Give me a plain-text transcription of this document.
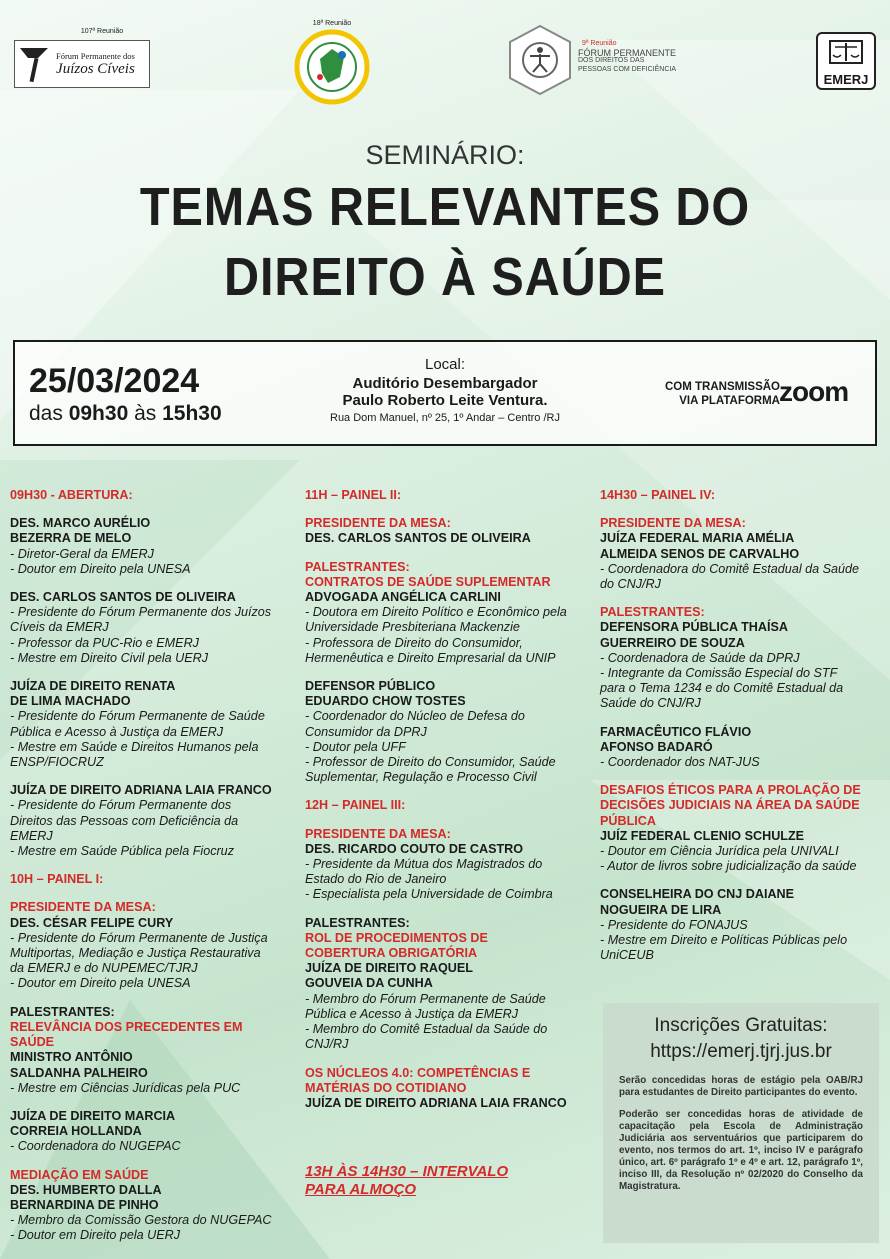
107ª Reunião
Fórum Permanente dos
Juízos Cíveis
18ª Reunião
9ª Reunião
FÓRUM PERMANENTE
DOS DIREITOS DAS
PESSOAS COM DEFICIÊNCIA
EMERJ
SEMINÁRIO:
TEMAS RELEVANTES DO
DIREITO À SAÚDE
25/03/2024
das 09h30 às 15h30
Local:
Auditório Desembargador
Paulo Roberto Leite Ventura.
Rua Dom Manuel, nº 25, 1º Andar – Centro /RJ
COM TRANSMISSÃO
VIA PLATAFORMA zoom
09H30 - ABERTURA:
DES. MARCO AURÉLIO
BEZERRA DE MELO
- Diretor-Geral da EMERJ
- Doutor em Direito pela UNESA
DES. CARLOS SANTOS DE OLIVEIRA
- Presidente do Fórum Permanente dos Juízos
Cíveis da EMERJ
- Professor da PUC-Rio e EMERJ
- Mestre em Direito Civil pela UERJ
JUÍZA DE DIREITO RENATA
DE LIMA MACHADO
- Presidente do Fórum Permanente de Saúde
Pública e Acesso à Justiça da EMERJ
- Mestre em Saúde e Direitos Humanos pela
ENSP/FIOCRUZ
JUÍZA DE DIREITO ADRIANA LAIA FRANCO
- Presidente do Fórum Permanente dos
Direitos das Pessoas com Deficiência da
EMERJ
- Mestre em Saúde Pública pela Fiocruz
10H – PAINEL I:
PRESIDENTE DA MESA:
DES. CÉSAR FELIPE CURY
- Presidente do Fórum Permanente de Justiça
Multiportas, Mediação e Justiça Restaurativa
da EMERJ e do NUPEMEC/TJRJ
- Doutor em Direito pela UNESA
PALESTRANTES:
RELEVÂNCIA DOS PRECEDENTES EM
SAÚDE
MINISTRO ANTÔNIO
SALDANHA PALHEIRO
- Mestre em Ciências Jurídicas pela PUC
JUÍZA DE DIREITO MARCIA
CORREIA HOLLANDA
- Coordenadora do NUGEPAC
MEDIAÇÃO EM SAÚDE
DES. HUMBERTO DALLA
BERNARDINA DE PINHO
- Membro da Comissão Gestora do NUGEPAC
- Doutor em Direito pela UERJ
11H – PAINEL II:
PRESIDENTE DA MESA:
DES. CARLOS SANTOS DE OLIVEIRA
PALESTRANTES:
CONTRATOS DE SAÚDE SUPLEMENTAR
ADVOGADA ANGÉLICA CARLINI
- Doutora em Direito Político e Econômico pela
Universidade Presbiteriana Mackenzie
- Professora de Direito do Consumidor,
Hermenêutica e Direito Empresarial da UNIP
DEFENSOR PÚBLICO
EDUARDO CHOW TOSTES
- Coordenador do Núcleo de Defesa do
Consumidor da DPRJ
- Doutor pela UFF
- Professor de Direito do Consumidor, Saúde
Suplementar, Regulação e Processo Civil
12H – PAINEL III:
PRESIDENTE DA MESA:
DES. RICARDO COUTO DE CASTRO
- Presidente da Mútua dos Magistrados do
Estado do Rio de Janeiro
- Especialista pela Universidade de Coimbra
PALESTRANTES:
ROL DE PROCEDIMENTOS DE
COBERTURA OBRIGATÓRIA
JUÍZA DE DIREITO RAQUEL
GOUVEIA DA CUNHA
- Membro do Fórum Permanente de Saúde
Pública e Acesso à Justiça da EMERJ
- Membro do Comitê Estadual da Saúde do
CNJ/RJ
OS NÚCLEOS 4.0: COMPETÊNCIAS E
MATÉRIAS DO COTIDIANO
JUÍZA DE DIREITO ADRIANA LAIA FRANCO
14H30 – PAINEL IV:
PRESIDENTE DA MESA:
JUÍZA FEDERAL MARIA AMÉLIA
ALMEIDA SENOS DE CARVALHO
- Coordenadora do Comitê Estadual da Saúde
do CNJ/RJ
PALESTRANTES:
DEFENSORA PÚBLICA THAÍSA
GUERREIRO DE SOUZA
- Coordenadora de Saúde da DPRJ
- Integrante da Comissão Especial do STF
para o Tema 1234 e do Comitê Estadual da
Saúde do CNJ/RJ
FARMACÊUTICO FLÁVIO
AFONSO BADARÓ
- Coordenador dos NAT-JUS
DESAFIOS ÉTICOS PARA A PROLAÇÃO DE
DECISÕES JUDICIAIS NA ÁREA DA SAÚDE
PÚBLICA
JUÍZ FEDERAL CLENIO SCHULZE
- Doutor em Ciência Jurídica pela UNIVALI
- Autor de livros sobre judicialização da saúde
CONSELHEIRA DO CNJ DAIANE
NOGUEIRA DE LIRA
- Presidente do FONAJUS
- Mestre em Direito e Políticas Públicas pelo
UniCEUB
13H ÀS 14H30 – INTERVALO
PARA ALMOÇO
Inscrições Gratuitas:
https://emerj.tjrj.jus.br
Serão concedidas horas de estágio pela OAB/RJ para estudantes de Direito participantes do evento.
Poderão ser concedidas horas de atividade de capacitação pela Escola de Administração Judiciária aos serventuários que participarem do evento, nos termos do art. 1º, inciso IV e parágrafo único, art. 6º parágrafo 1º e 4º e art. 12, parágrafo 1º, inciso III, da Resolução nº 02/2020 do Conselho da Magistratura.
